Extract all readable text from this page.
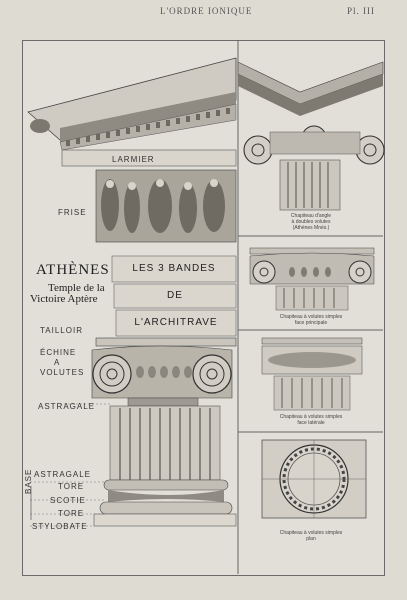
L'ORDRE IONIQUE	Pl. III
LARMIER
FRISE
LES 3 BANDES
DE
L'ARCHITRAVE
ATHÈNES
Temple de la
Victoire Aptère
TAILLOIR
ÉCHINE
A
VOLUTES
ASTRAGALE
ASTRAGALE
BASE	TORE
SCOTIE
TORE
STYLOBATE
Chapiteau d'angle
à doubles volutes
(Athènes Mnés.)
Chapiteau à volutes simples
face principale
Chapiteau à volutes simples
face latérale
Chapiteau à volutes simples
plan
